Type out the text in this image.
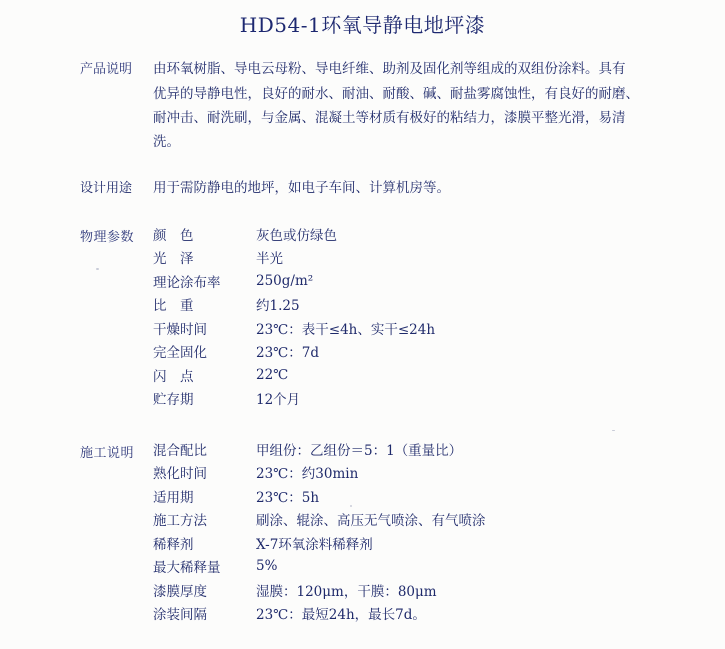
HD54-1环氧导静电地坪漆
产品说明 由环氧树脂、导电云母粉、导电纤维、助剂及固化剂等组成的双组份涂料。具有
优异的导静电性，良好的耐水、耐油、耐酸、碱、耐盐雾腐蚀性，有良好的耐磨、
耐冲击、耐洗刷，与金属、混凝土等材质有极好的粘结力，漆膜平整光滑，易清
洗。
设计用途 用于需防静电的地坪，如电子车间、计算机房等。
物理参数 颜　色	灰色或仿绿色
光　泽	半光
理论涂布率	250g/m²
比　重	约1.25
干燥时间	23℃：表干≤4h、实干≤24h
完全固化	23℃：7d
闪　点	22℃
贮存期	12个月
施工说明 混合配比	甲组份：乙组份＝5：1（重量比）
熟化时间	23℃：约30min
适用期	23℃：5h
施工方法	刷涂、辊涂、高压无气喷涂、有气喷涂
稀释剂	X-7环氧涂料稀释剂
最大稀释量	5%
漆膜厚度	湿膜：120μm，干膜：80μm
涂装间隔	23℃：最短24h，最长7d。
